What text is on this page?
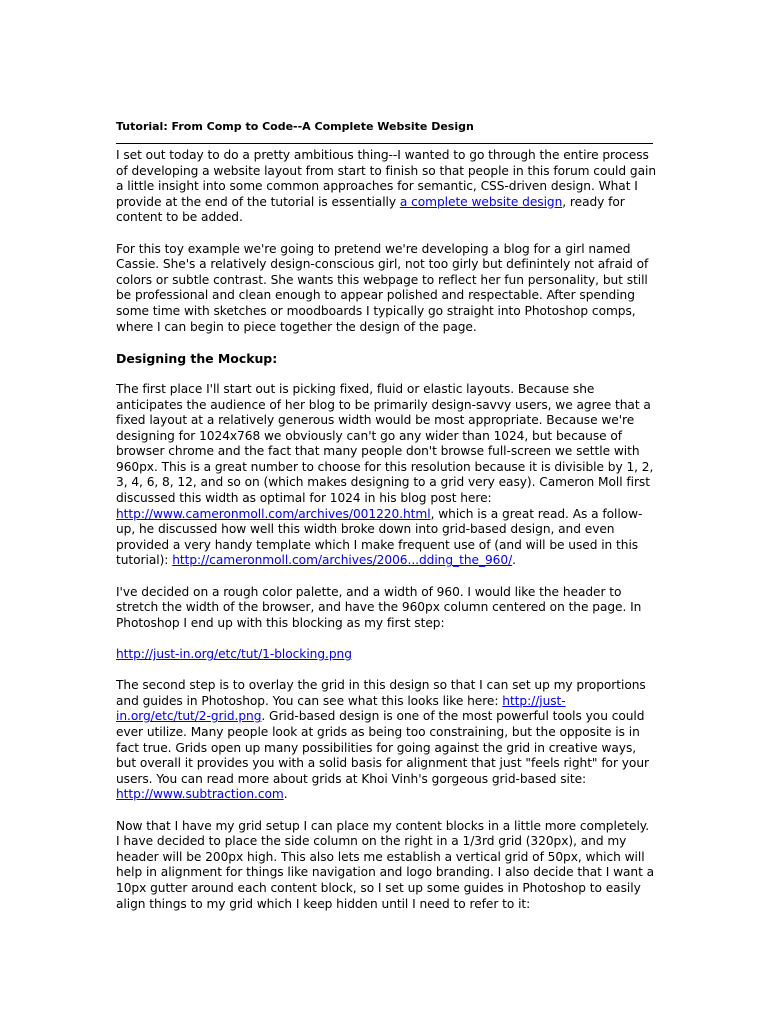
Tutorial: From Comp to Code--A Complete Website Design

I set out today to do a pretty ambitious thing--I wanted to go through the entire process of developing a website layout from start to finish so that people in this forum could gain a little insight into some common approaches for semantic, CSS-driven design. What I provide at the end of the tutorial is essentially a complete website design, ready for content to be added.

For this toy example we're going to pretend we're developing a blog for a girl named Cassie. She's a relatively design-conscious girl, not too girly but definintely not afraid of colors or subtle contrast. She wants this webpage to reflect her fun personality, but still be professional and clean enough to appear polished and respectable. After spending some time with sketches or moodboards I typically go straight into Photoshop comps, where I can begin to piece together the design of the page.

Designing the Mockup:

The first place I'll start out is picking fixed, fluid or elastic layouts. Because she anticipates the audience of her blog to be primarily design-savvy users, we agree that a fixed layout at a relatively generous width would be most appropriate. Because we're designing for 1024x768 we obviously can't go any wider than 1024, but because of browser chrome and the fact that many people don't browse full-screen we settle with 960px. This is a great number to choose for this resolution because it is divisible by 1, 2, 3, 4, 6, 8, 12, and so on (which makes designing to a grid very easy). Cameron Moll first discussed this width as optimal for 1024 in his blog post here: http://www.cameronmoll.com/archives/001220.html, which is a great read. As a follow-up, he discussed how well this width broke down into grid-based design, and even provided a very handy template which I make frequent use of (and will be used in this tutorial): http://cameronmoll.com/archives/2006...dding_the_960/.

I've decided on a rough color palette, and a width of 960. I would like the header to stretch the width of the browser, and have the 960px column centered on the page. In Photoshop I end up with this blocking as my first step:

http://just-in.org/etc/tut/1-blocking.png

The second step is to overlay the grid in this design so that I can set up my proportions and guides in Photoshop. You can see what this looks like here: http://just-in.org/etc/tut/2-grid.png. Grid-based design is one of the most powerful tools you could ever utilize. Many people look at grids as being too constraining, but the opposite is in fact true. Grids open up many possibilities for going against the grid in creative ways, but overall it provides you with a solid basis for alignment that just "feels right" for your users. You can read more about grids at Khoi Vinh's gorgeous grid-based site: http://www.subtraction.com.

Now that I have my grid setup I can place my content blocks in a little more completely. I have decided to place the side column on the right in a 1/3rd grid (320px), and my header will be 200px high. This also lets me establish a vertical grid of 50px, which will help in alignment for things like navigation and logo branding. I also decide that I want a 10px gutter around each content block, so I set up some guides in Photoshop to easily align things to my grid which I keep hidden until I need to refer to it:
